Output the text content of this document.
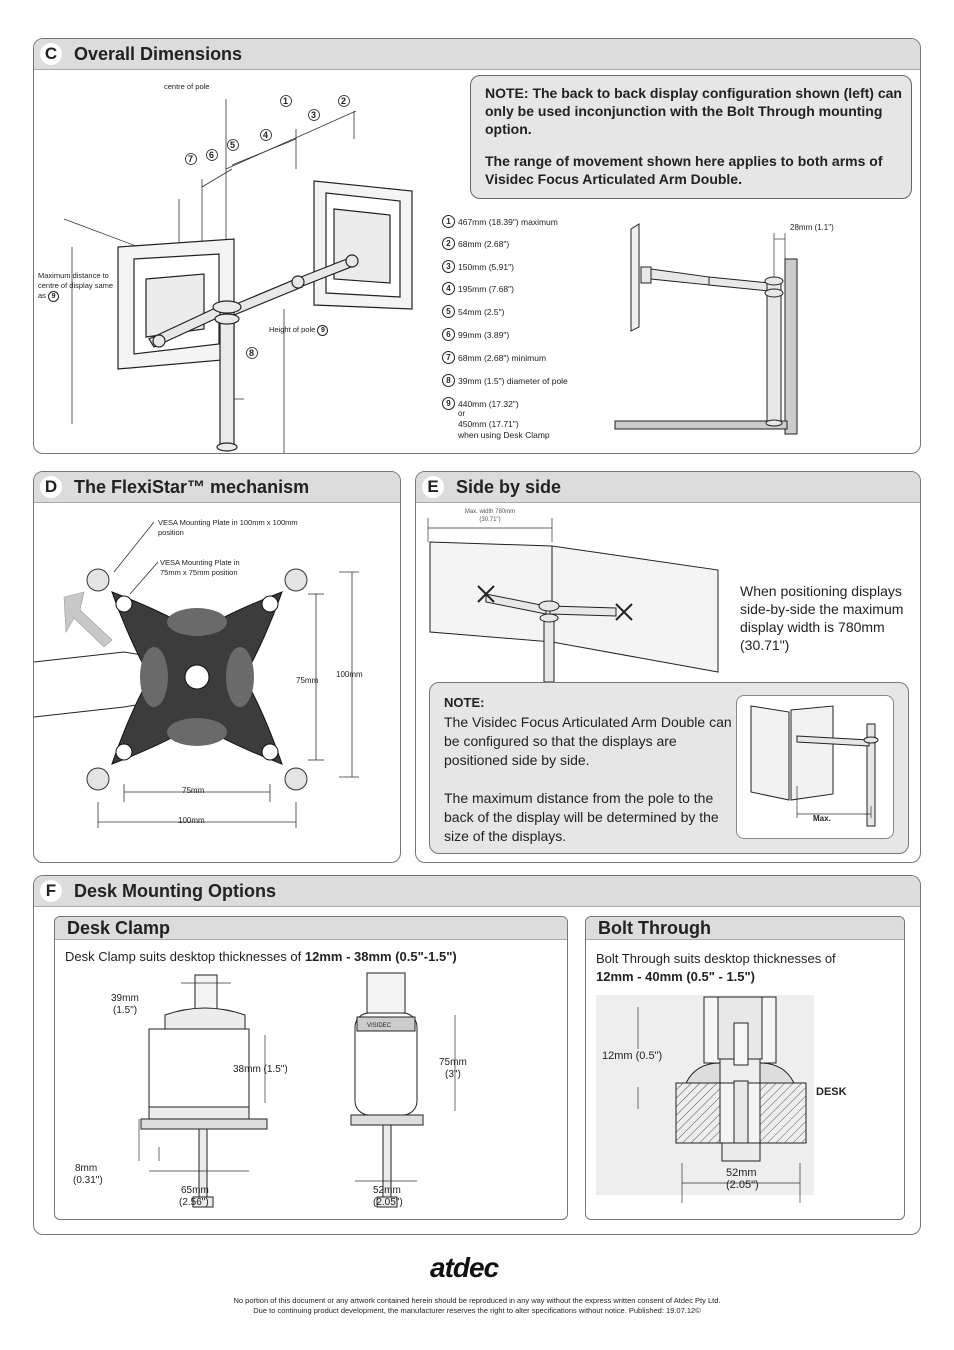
C Overall Dimensions
1	2
3
4
5
6
7
8
centre of pole
Maximum distance to centre of display same as 9
Height of pole 9
NOTE: The back to back display configuration shown (left) can only be used inconjunction with the Bolt Through mounting option.
The range of movement shown here applies to both arms of Visidec Focus Articulated Arm Double.
1 467mm (18.39") maximum
2 68mm (2.68")
3 150mm (5.91")
4 195mm (7.68")
5 54mm (2.5")
6 99mm (3.89")
7 68mm (2.68") minimum
8 39mm (1.5") diameter of pole
9 440mm (17.32")
or
450mm (17.71")
when using Desk Clamp
28mm (1.1")
D The FlexiStar™ mechanism
VESA Mounting Plate in 100mm x 100mm position
VESA Mounting Plate in 75mm x 75mm position
75mm
100mm
75mm
100mm
E Side by side
Max. width 780mm (30.71")
When positioning displays side-by-side the maximum display width is 780mm (30.71")
NOTE:
The Visidec Focus Articulated Arm Double can be configured so that the displays are positioned side by side.
The maximum distance from the pole to the back of the display will be determined by the size of the displays.
Max.
F Desk Mounting Options
Desk Clamp
Desk Clamp suits desktop thicknesses of 12mm - 38mm (0.5"-1.5")
VISIDEC
39mm
(1.5")
38mm (1.5")
8mm
(0.31")
65mm
(2.56")
75mm
(3")
52mm
(2.05")
Bolt Through
Bolt Through suits desktop thicknesses of
12mm - 40mm (0.5" - 1.5")
12mm (0.5")
DESK
52mm
(2.05")
atdec
No portion of this document or any artwork contained herein should be reproduced in any way without the express written consent of Atdec Pty Ltd.
Due to continuing product development, the manufacturer reserves the right to alter specifications without notice. Published: 19.07.12©
